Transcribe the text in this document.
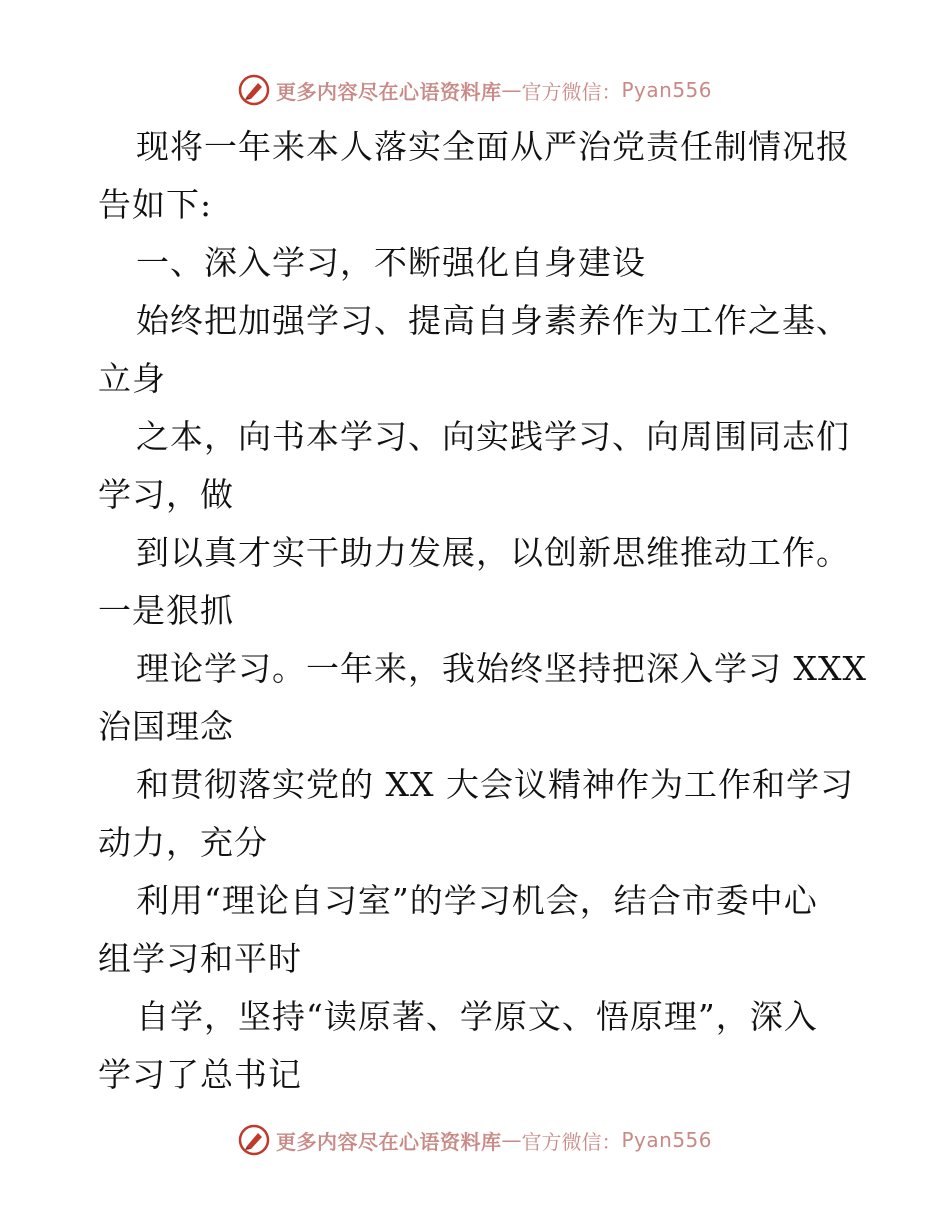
更多内容尽在心语资料库 — 官方微信： Pyan556
现将一年来本人落实全面从严治党责任制情况报
告如下:
一、深入学习，不断强化自身建设
始终把加强学习、提高自身素养作为工作之基、
立身
之本，向书本学习、向实践学习、向周围同志们
学习，做
到以真才实干助力发展，以创新思维推动工作。
一是狠抓
理论学习。一年来，我始终坚持把深入学习 XXX
治国理念
和贯彻落实党的 XX 大会议精神作为工作和学习
动力，充分
利用“理论自习室”的学习机会，结合市委中心
组学习和平时
自学，坚持“读原著、学原文、悟原理”，深入
学习了总书记
更多内容尽在心语资料库 — 官方微信： Pyan556
